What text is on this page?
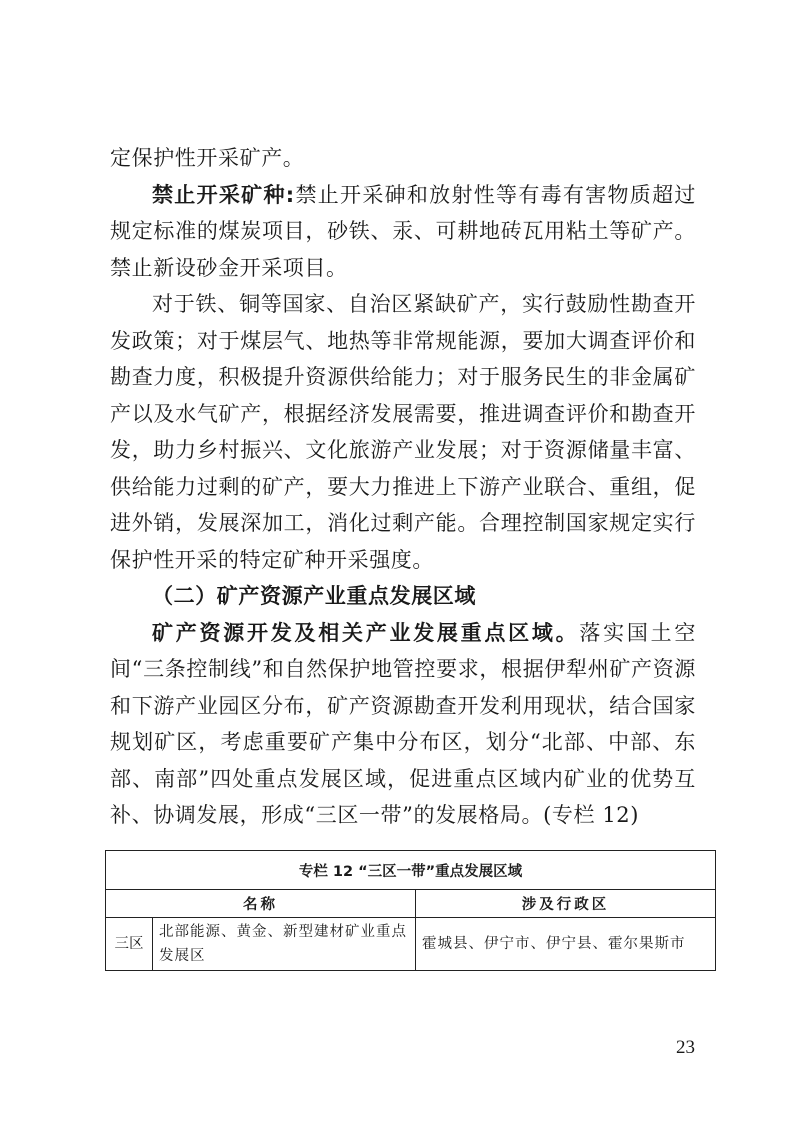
定保护性开采矿产。

禁止开采矿种:禁止开采砷和放射性等有毒有害物质超过规定标准的煤炭项目，砂铁、汞、可耕地砖瓦用粘土等矿产。禁止新设砂金开采项目。

对于铁、铜等国家、自治区紧缺矿产，实行鼓励性勘查开发政策；对于煤层气、地热等非常规能源，要加大调查评价和勘查力度，积极提升资源供给能力；对于服务民生的非金属矿产以及水气矿产，根据经济发展需要，推进调查评价和勘查开发，助力乡村振兴、文化旅游产业发展；对于资源储量丰富、供给能力过剩的矿产，要大力推进上下游产业联合、重组，促进外销，发展深加工，消化过剩产能。合理控制国家规定实行保护性开采的特定矿种开采强度。

（二）矿产资源产业重点发展区域

矿产资源开发及相关产业发展重点区域。落实国土空间“三条控制线”和自然保护地管控要求，根据伊犁州矿产资源和下游产业园区分布，矿产资源勘查开发利用现状，结合国家规划矿区，考虑重要矿产集中分布区，划分“北部、中部、东部、南部”四处重点发展区域，促进重点区域内矿业的优势互补、协调发展，形成“三区一带”的发展格局。(专栏 12)

专栏 12 “三区一带”重点发展区域		
名称		涉及行政区
三区	北部能源、黄金、新型建材矿业重点发展区	霍城县、伊宁市、伊宁县、霍尔果斯市
23
